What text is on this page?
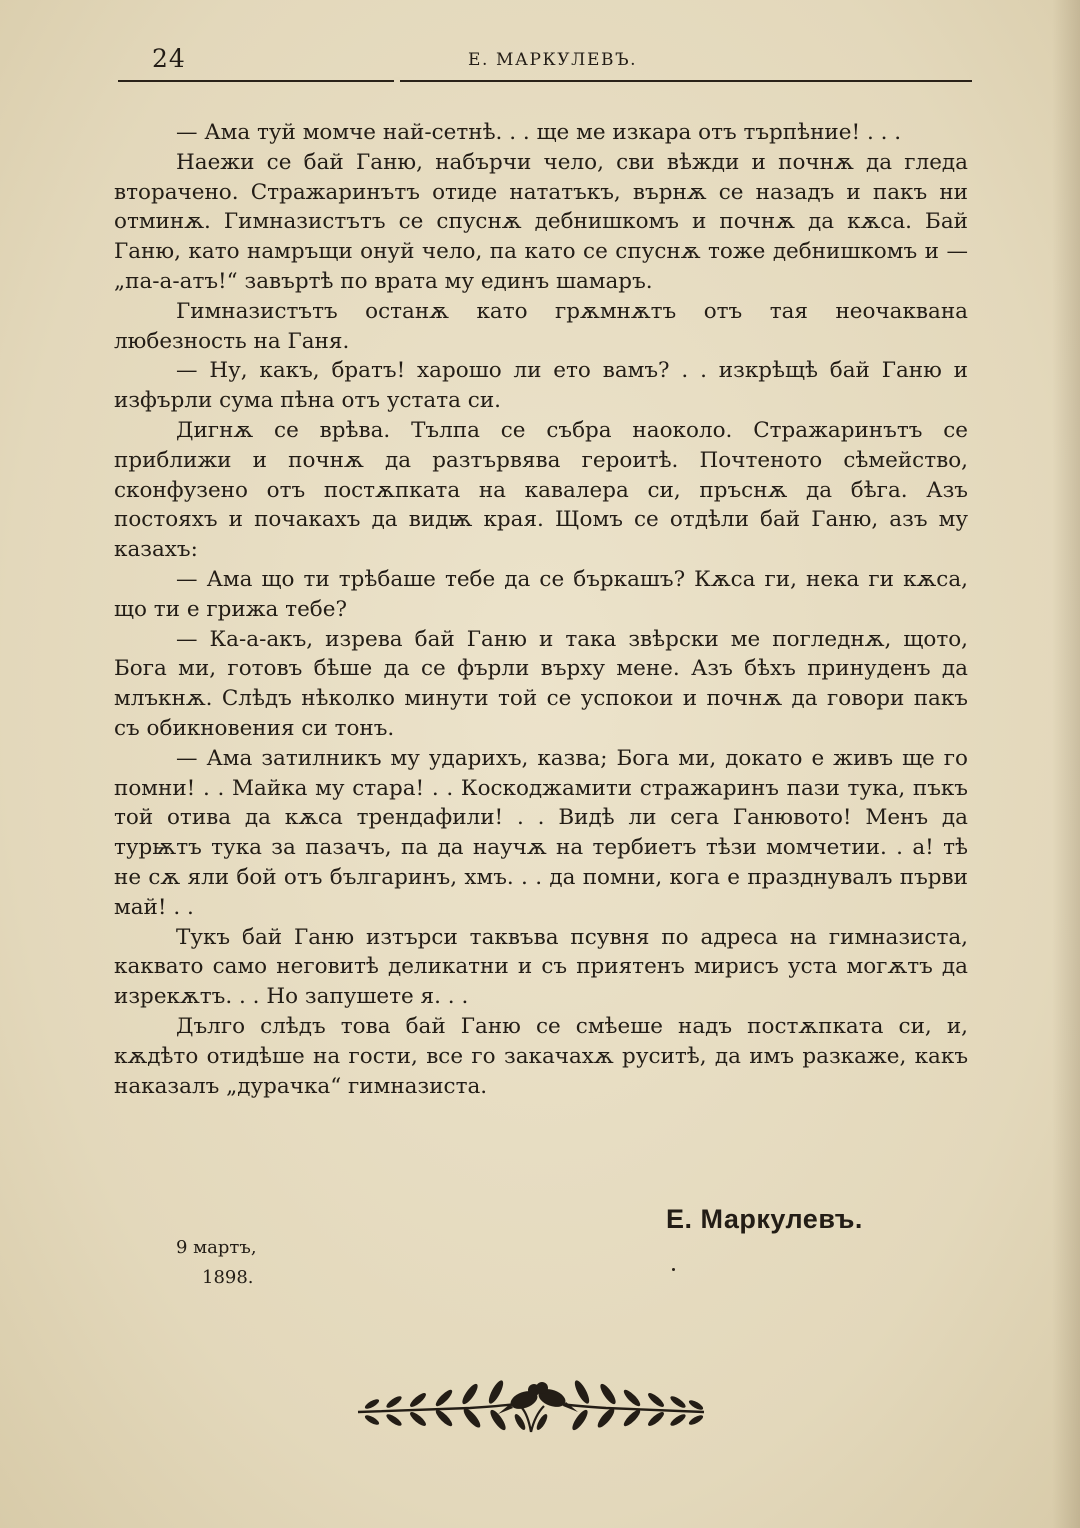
24	Е. МАРКУЛЕВЪ.

— Ама туй момче най-сетнѣ. . . ще ме изкара отъ търпѣние! . . .

Наежи се бай Ганю, набърчи чело, сви вѣжди и почнѫ да гледа вторачено. Стражаринътъ отиде нататъкъ, върнѫ се назадъ и пакъ ни отминѫ. Гимназистътъ се спуснѫ дебнишкомъ и почнѫ да кѫса. Бай Ганю, като намръщи онуй чело, па като се спуснѫ тоже дебнишкомъ и — „па-а-атъ!“ завъртѣ по врата му единъ шамаръ.

Гимназистътъ останѫ като грѫмнѫтъ отъ тая неочаквана любезность на Ганя.

— Ну, какъ, братъ! харошо ли ето вамъ? . . изкрѣщѣ бай Ганю и изфърли сума пѣна отъ устата си.

Дигнѫ се врѣва. Тълпа се събра наоколо. Стражаринътъ се приближи и почнѫ да разтървява героитѣ. Почтеното сѣмейство, сконфузено отъ постѫпката на кавалера си, пръснѫ да бѣга. Азъ постояхъ и почакахъ да видѭ края. Щомъ се отдѣли бай Ганю, азъ му казахъ:

— Ама що ти трѣбаше тебе да се бъркашъ? Кѫса ги, нека ги кѫса, що ти е грижа тебе?

— Ка-а-акъ, изрева бай Ганю и така звѣрски ме погледнѫ, щото, Бога ми, готовъ бѣше да се фърли върху мене. Азъ бѣхъ принуденъ да млъкнѫ. Слѣдъ нѣколко минути той се успокои и почнѫ да говори пакъ съ обикновения си тонъ.

— Ама затилникъ му ударихъ, казва; Бога ми, докато е живъ ще го помни! . . Майка му стара! . . Коскоджамити стражаринъ пази тука, пъкъ той отива да кѫса трендафили! . . Видѣ ли сега Ганювото! Менъ да турѭтъ тука за пазачъ, па да научѫ на тербиетъ тѣзи момчетии. . а! тѣ не сѫ яли бой отъ българинъ, хмъ. . . да помни, кога е празднувалъ първи май! . .

Тукъ бай Ганю изтърси таквъва псувня по адреса на гимназиста, каквато само неговитѣ деликатни и съ приятенъ мирисъ уста могѫтъ да изрекѫтъ. . . Но запушете я. . .

Дълго слѣдъ това бай Ганю се смѣеше надъ постѫпката си, и, кѫдѣто отидѣше на гости, все го закачахѫ руситѣ, да имъ разкаже, какъ наказалъ „дурачка“ гимназиста.

Е. Маркулевъ.
9 мартъ,
1898.
